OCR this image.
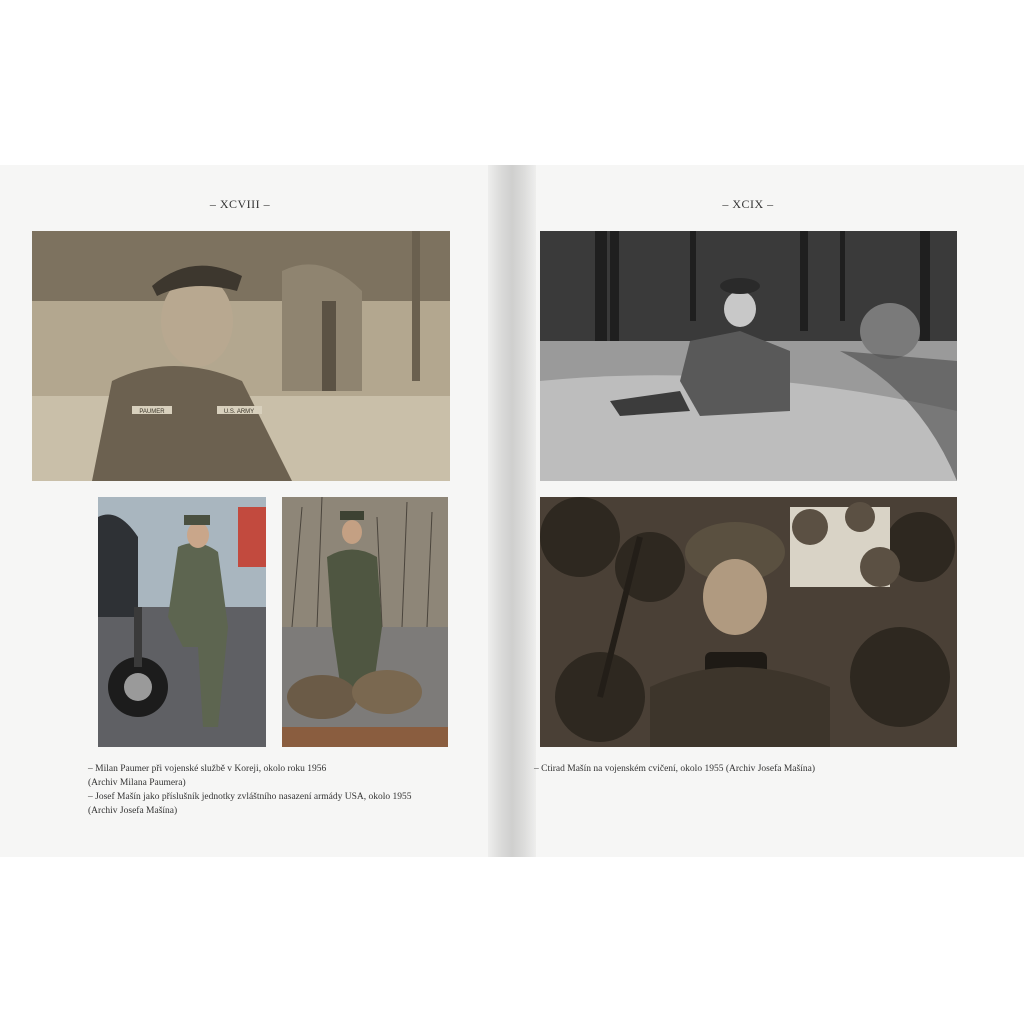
– XCVIII –	– XCIX –
PAUMER	U.S. ARMY
– Milan Paumer při vojenské službě v Koreji, okolo roku 1956
(Archiv Milana Paumera)
– Josef Mašín jako příslušník jednotky zvláštního nasazení armády USA, okolo 1955
(Archiv Josefa Mašína)
– Ctirad Mašín na vojenském cvičení, okolo 1955 (Archiv Josefa Mašína)
